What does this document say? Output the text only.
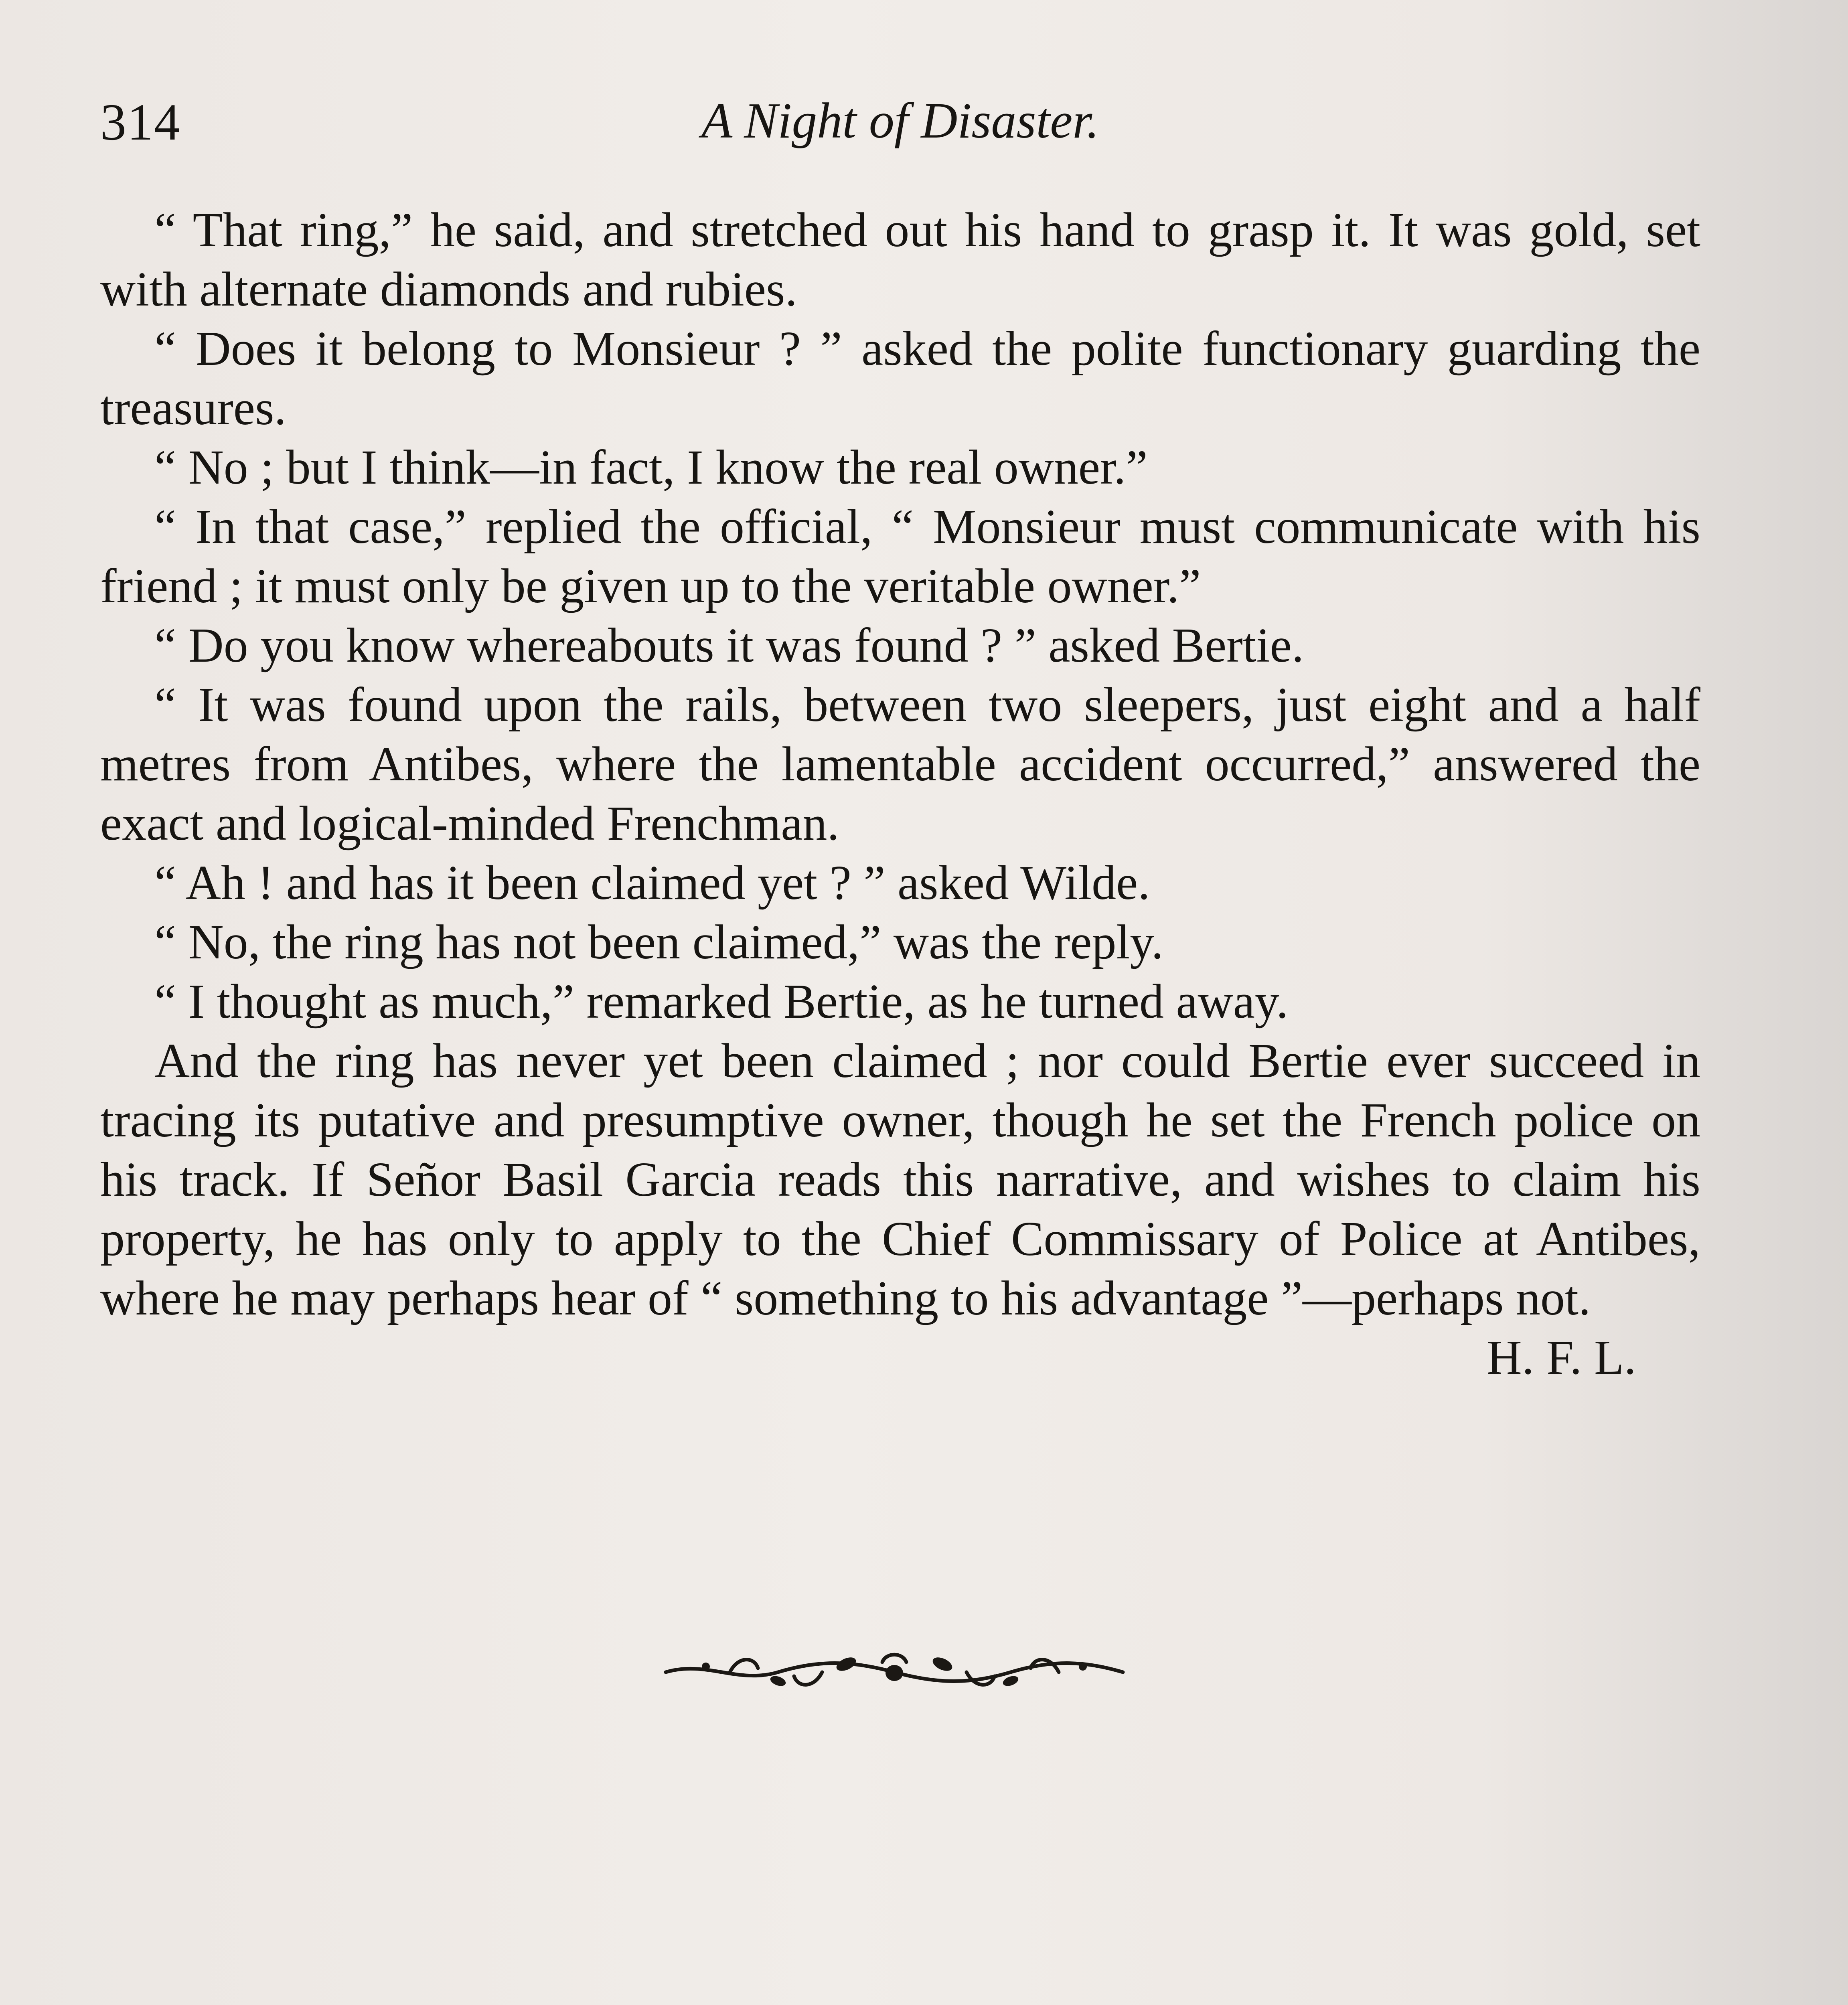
314	A Night of Disaster.

“ That ring,” he said, and stretched out his hand to grasp it. It was gold, set with alternate diamonds and rubies.

“ Does it belong to Monsieur ? ” asked the polite functionary guarding the treasures.

“ No ; but I think—in fact, I know the real owner.”

“ In that case,” replied the official, “ Monsieur must communicate with his friend ; it must only be given up to the veritable owner.”

“ Do you know whereabouts it was found ? ” asked Bertie.

“ It was found upon the rails, between two sleepers, just eight and a half metres from Antibes, where the lamentable accident occurred,” answered the exact and logical-minded Frenchman.

“ Ah ! and has it been claimed yet ? ” asked Wilde.

“ No, the ring has not been claimed,” was the reply.

“ I thought as much,” remarked Bertie, as he turned away.

And the ring has never yet been claimed ; nor could Bertie ever succeed in tracing its putative and presumptive owner, though he set the French police on his track. If Señor Basil Garcia reads this narrative, and wishes to claim his property, he has only to apply to the Chief Commissary of Police at Antibes, where he may perhaps hear of “ something to his advantage ”—perhaps not.

H. F. L.
